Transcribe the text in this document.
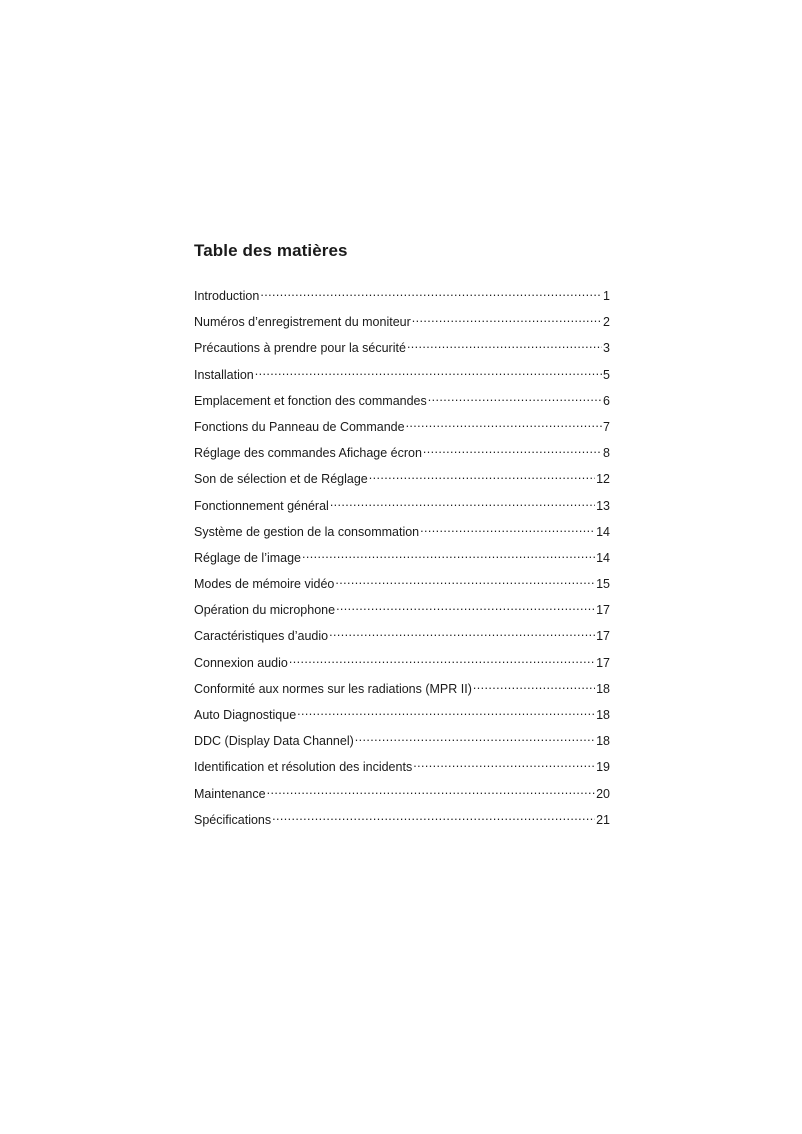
Table des matières
Introduction .....	1
Numéros d’enregistrement du moniteur .....	2
Précautions à prendre pour la sécurité .....	3
Installation .....	5
Emplacement et fonction des commandes .....	6
Fonctions du Panneau de Commande .....	7
Réglage des commandes Afichage écron .....	8
Son de sélection et de Réglage .....	12
Fonctionnement général .....	13
Système de gestion de la consommation .....	14
Réglage de l’image .....	14
Modes de mémoire vidéo .....	15
Opération du microphone .....	17
Caractéristiques d’audio .....	17
Connexion audio .....	17
Conformité aux normes sur les radiations (MPR II) .....	18
Auto Diagnostique .....	18
DDC (Display Data Channel) .....	18
Identification et résolution des incidents .....	19
Maintenance .....	20
Spécifications .....	21
